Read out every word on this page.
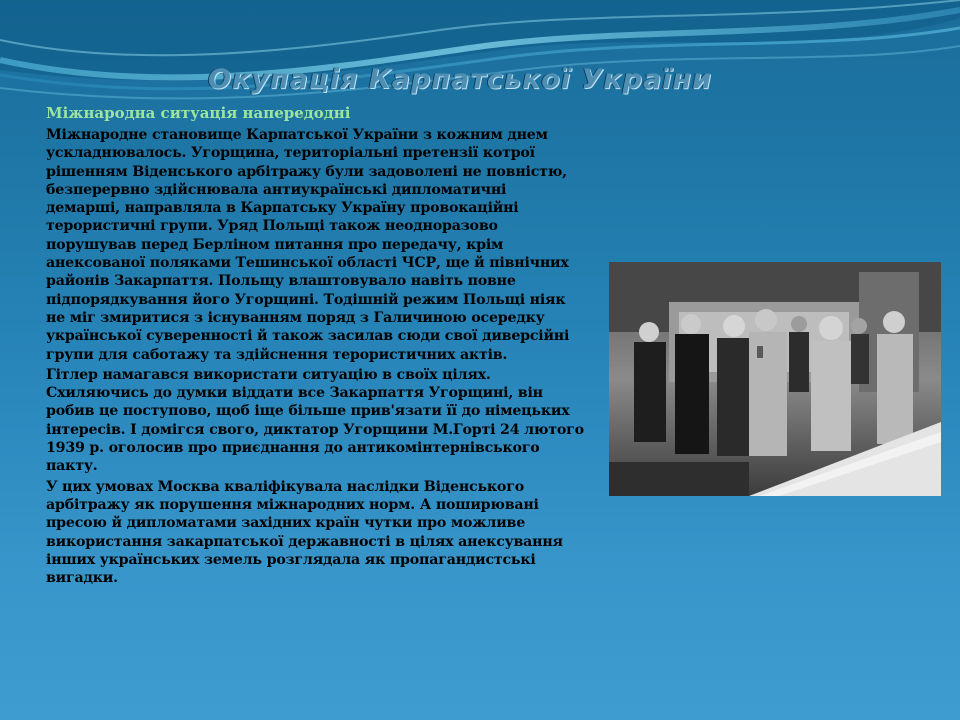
Окупація Карпатської України
Міжнародна ситуація напередодні

Міжнародне становище Карпатської України з кожним днем ускладнювалось. Угорщина, територіальні претензії котрої рішенням Віденського арбітражу були задоволені не повністю, безперервно здійснювала антиукраїнські дипломатичні демарші, направляла в Карпатську Україну провокаційні терористичні групи. Уряд Польщі також неодноразово порушував перед Берліном питання про передачу, крім анексованої поляками Тешинської області ЧСР, ще й північних районів Закарпаття. Польщу влаштовувало навіть повне підпорядкування його Угорщині. Тодішній режим Польщі ніяк не міг змиритися з існуванням поряд з Галичиною осередку української суверенності й також засилав сюди свої диверсійні групи для саботажу та здійснення терористичних актів.

Гітлер намагався використати ситуацію в своїх цілях. Схиляючись до думки віддати все Закарпаття Угорщині, він робив це поступово, щоб іще більше прив'язати її до німецьких інтересів. І домігся свого, диктатор Угорщини М.Горті 24 лютого 1939 р. оголосив про приєднання до антикомінтернівського пакту.

У цих умовах Москва кваліфікувала наслідки Віденського арбітражу як порушення міжнародних норм. А поширювані пресою й дипломатами західних країн чутки про можливе використання закарпатської державності в цілях анексування інших українських земель розглядала як пропагандистські вигадки.
